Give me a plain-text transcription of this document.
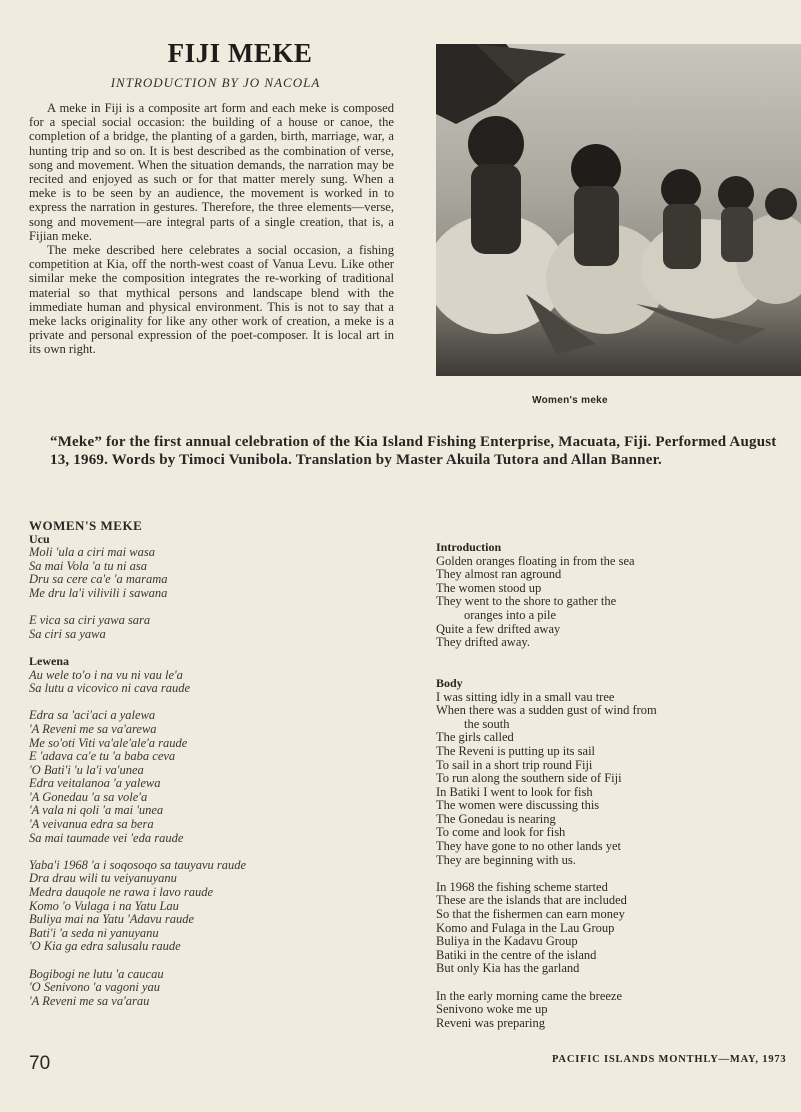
FIJI MEKE
INTRODUCTION BY JO NACOLA

A meke in Fiji is a composite art form and each meke is composed for a special social occasion: the building of a house or canoe, the completion of a bridge, the planting of a garden, birth, marriage, war, a hunting trip and so on. It is best described as the combination of verse, song and movement. When the situation demands, the narration may be recited and enjoyed as such or for that matter merely sung. When a meke is to be seen by an audience, the movement is worked in to express the narration in gestures. Therefore, the three elements—verse, song and movement—are integral parts of a single creation, that is, a Fijian meke.

The meke described here celebrates a social occasion, a fishing competition at Kia, off the north-west coast of Vanua Levu. Like other similar meke the composition integrates the re-working of traditional material so that mythical persons and landscape blend with the immediate human and physical environment. This is not to say that a meke lacks originality for like any other work of creation, a meke is a private and personal expression of the poet-composer. It is local art in its own right.

Women's meke
“Meke” for the first annual celebration of the Kia Island Fishing Enterprise, Macuata, Fiji. Performed August 13, 1969. Words by Timoci Vunibola. Translation by Master Akuila Tutora and Allan Banner.
WOMEN'S MEKE
Ucu
Moli 'ula a ciri mai wasa
Sa mai Vola 'a tu ni asa
Dru sa cere ca'e 'a marama
Me dru la'i vilivili i sawana
E vica sa ciri yawa sara
Sa ciri sa yawa
Lewena
Au wele to'o i na vu ni vau le'a
Sa lutu a vicovico ni cava raude
Edra sa 'aci'aci a yalewa
'A Reveni me sa va'arewa
Me so'oti Viti va'ale'ale'a raude
E 'adava ca'e tu 'a baba ceva
'O Bati'i 'u la'i va'unea
Edra veitalanoa 'a yalewa
'A Gonedau 'a sa vole'a
'A vala ni qoli 'a mai 'unea
'A veivanua edra sa bera
Sa mai taumade vei 'eda raude
Yaba'i 1968 'a i soqosoqo sa tauyavu raude
Dra drau wili tu veiyanuyanu
Medra dauqole ne rawa i lavo raude
Komo 'o Vulaga i na Yatu Lau
Buliya mai na Yatu 'Adavu raude
Bati'i 'a seda ni yanuyanu
'O Kia ga edra salusalu raude
Bogibogi ne lutu 'a caucau
'O Senivono 'a vagoni yau
'A Reveni me sa va'arau
Introduction
Golden oranges floating in from the sea
They almost ran aground
The women stood up
They went to the shore to gather the
oranges into a pile
Quite a few drifted away
They drifted away.
Body
I was sitting idly in a small vau tree
When there was a sudden gust of wind from
the south
The girls called
The Reveni is putting up its sail
To sail in a short trip round Fiji
To run along the southern side of Fiji
In Batiki I went to look for fish
The women were discussing this
The Gonedau is nearing
To come and look for fish
They have gone to no other lands yet
They are beginning with us.
In 1968 the fishing scheme started
These are the islands that are included
So that the fishermen can earn money
Komo and Fulaga in the Lau Group
Buliya in the Kadavu Group
Batiki in the centre of the island
But only Kia has the garland
In the early morning came the breeze
Senivono woke me up
Reveni was preparing
70	PACIFIC ISLANDS MONTHLY—MAY, 1973
